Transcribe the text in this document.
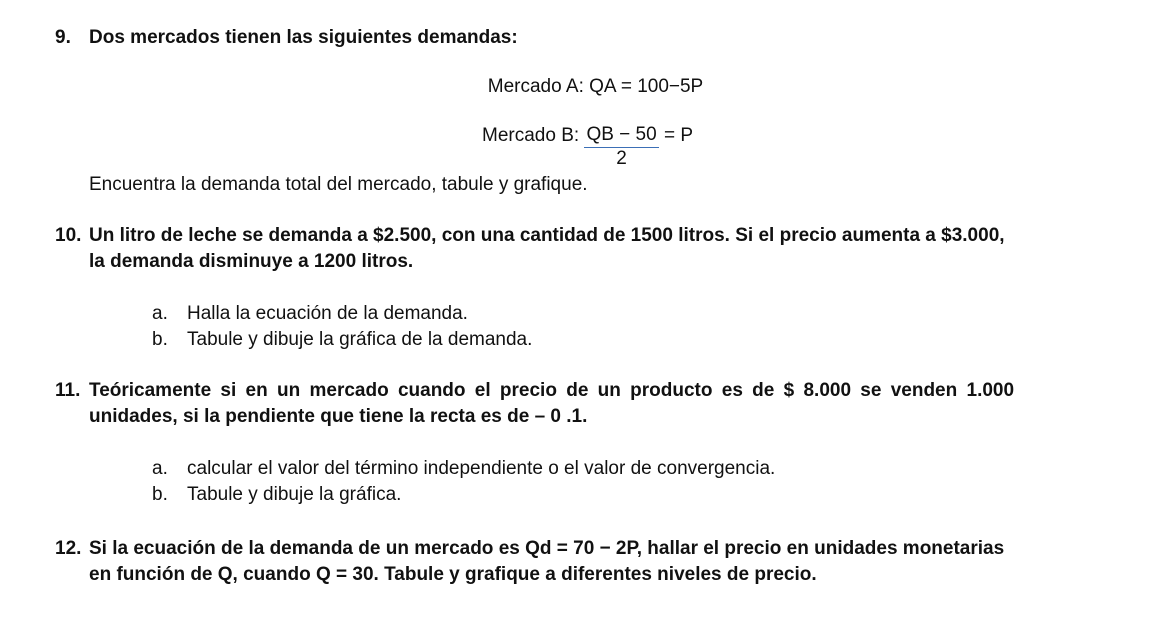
9. Dos mercados tienen las siguientes demandas:
Mercado A: QA = 100−5P
Mercado B: $\frac{QB - 50}{2} = P$
Encuentra la demanda total del mercado, tabule y grafique.
10. Un litro de leche se demanda a $2.500, con una cantidad de 1500 litros. Si el precio aumenta a $3.000,
la demanda disminuye a 1200 litros.
a. Halla la ecuación de la demanda.
b. Tabule y dibuje la gráfica de la demanda.
11. Teóricamente si en un mercado cuando el precio de un producto es de $ 8.000 se venden 1.000
unidades, si la pendiente que tiene la recta es de – 0 .1.
a. calcular el valor del término independiente o el valor de convergencia.
b. Tabule y dibuje la gráfica.
12. Si la ecuación de la demanda de un mercado es Qd = 70 − 2P, hallar el precio en unidades monetarias
en función de Q, cuando Q = 30. Tabule y grafique a diferentes niveles de precio.
